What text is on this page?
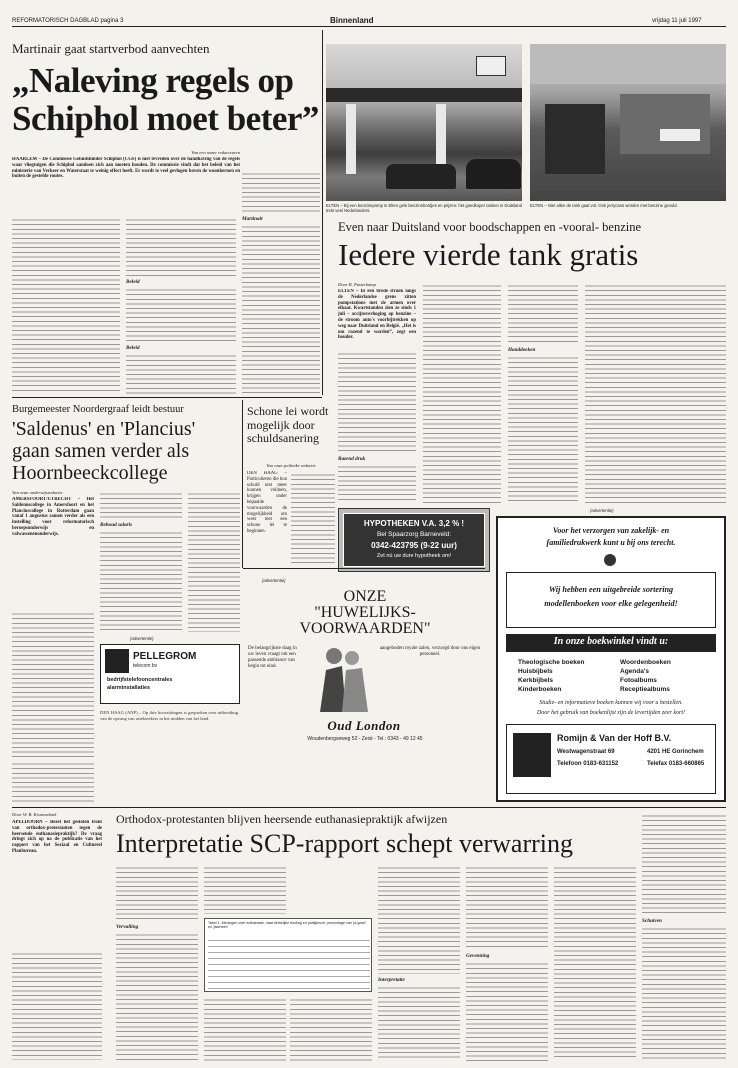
REFORMATORISCH DAGBLAD pagina 3	Binnenland	vrijdag 11 juli 1997
Martinair gaat startverbod aanvechten
„Naleving regels op
Schiphol moet beter”
Van een onzer redacteuren
HAARLEM – De Commissie Geluidshinder Schiphol (CGS) is niet tevreden over de handhaving van de regels waar vliegtuigen die Schiphol aandoen zich aan moeten houden. De commissie vindt dat het beleid van het ministerie van Verkeer en Waterstaat te weinig effect heeft. Er wordt te veel gevlogen boven de woonkernen en buiten de gestelde routes.
Beleid
Beleid
Martinair
ELTEN – Bij een benzinepomp in Elten gele benzinebordjes en prijzen: het goedkoper tanken in Duitsland trekt veel Nederlanders.
ELTEN – Niet allen de tank gaat vol. Ook jerrycans worden met benzine gevuld.
Even naar Duitsland voor boodschappen en -vooral- benzine
Iedere vierde tank gratis
Door R. Pasterkamp
ELTEN – In een brede strook langs de Nederlandse grens zitten pompstations met de armen over elkaar. Kwartstanden zien ze sinds 1 juli – accijnsverhoging op benzine – de stroom auto's voorbijtrekken op weg naar Duitsland en België. „Het is om razend te worden”, zegt een houder.
Razend druk
Handdoeken
Burgemeester Noordergraaf leidt bestuur
'Saldenus' en 'Plancius'
gaan samen verder als
Hoornbeeckcollege
Van onze onderwijsredactie
AMERSFOORT/UTRECHT – Het Saldenuscollege in Amersfoort en het Planciuscollege in Rotterdam gaan vanaf 1 augustus samen verder als een instelling voor reformatorisch beroepsonderwijs en volwassenenonderwijs.
Behoud salaris
Schone lei wordt mogelijk door schuldsanering
Van onze politieke redactie
DEN HAAG – Particulieren die hun schuld niet meer kunnen voldoen, krijgen onder bepaalde voorwaarden de mogelijkheid om weer met een schone lei te beginnen.
HYPOTHEKEN V.A. 3,2 % !
Bel Spaarzorg Barneveld:
0342-423795 (9-22 uur)
Zet nú uw dure hypotheek om!
(advertentie)
ONZE
"HUWELIJKS-
VOORWAARDEN"
De belangrijkste daag in uw leven vraagt om een passende ambiance van begin tot eind.
aangeboden royale zalen, verzorgd door ons eigen personeel.
Oud London
Woudenbergseweg 52 - Zeist - Tel.: 0343 - 49 12 45
(advertentie)
PELLEGROM
telecom bv
bedrijfstelefooncentrales
alarminstallaties
DEN HAAG (ANP) – Op drie hoorzittingen is gesproken over uitbreiding van de opvang van asielzoekers in het midden van het land.
(advertentie)
Voor het verzorgen van zakelijk- en
familiedrukwerk kunt u bij ons terecht.
Wij hebben een uitgebreide sortering
modellenboeken voor elke gelegenheid!
In onze boekwinkel vindt u:
Theologische boeken
Huisbijbels
Kerkbijbels
Kinderboeken
Woordenboeken
Agenda's
Fotoalbums
Receptiealbums
Studie- en informatieve boeken kunnen wij voor u bestellen.
Door het gebruik van boekenlijst zijn de levertijden zeer kort!
Romijn & Van der Hoff B.V.
Westwagenstraat 69	4201 HE Gorinchem
Telefoon 0183-631152	Telefax 0183-660865
Door W. B. Kranendonk
APELDOORN – Bezet het gesloten front van orthodox-protestanten tegen de heersende euthanasiepraktijk? De vraag dringt zich op na de publicatie van het rapport van het Sociaal en Cultureel Planbureau.
Orthodox-protestanten blijven heersende euthanasiepraktijk afwijzen
Interpretatie SCP-rapport schept verwarring
Vervulling
Tabel 1: Meningen over euthanasie, naar kerkelijke binding en partijkeuze; percentage van 'ja goed' en 'jaa/neen'
Interpretatie
Gevenning
Schuiven
